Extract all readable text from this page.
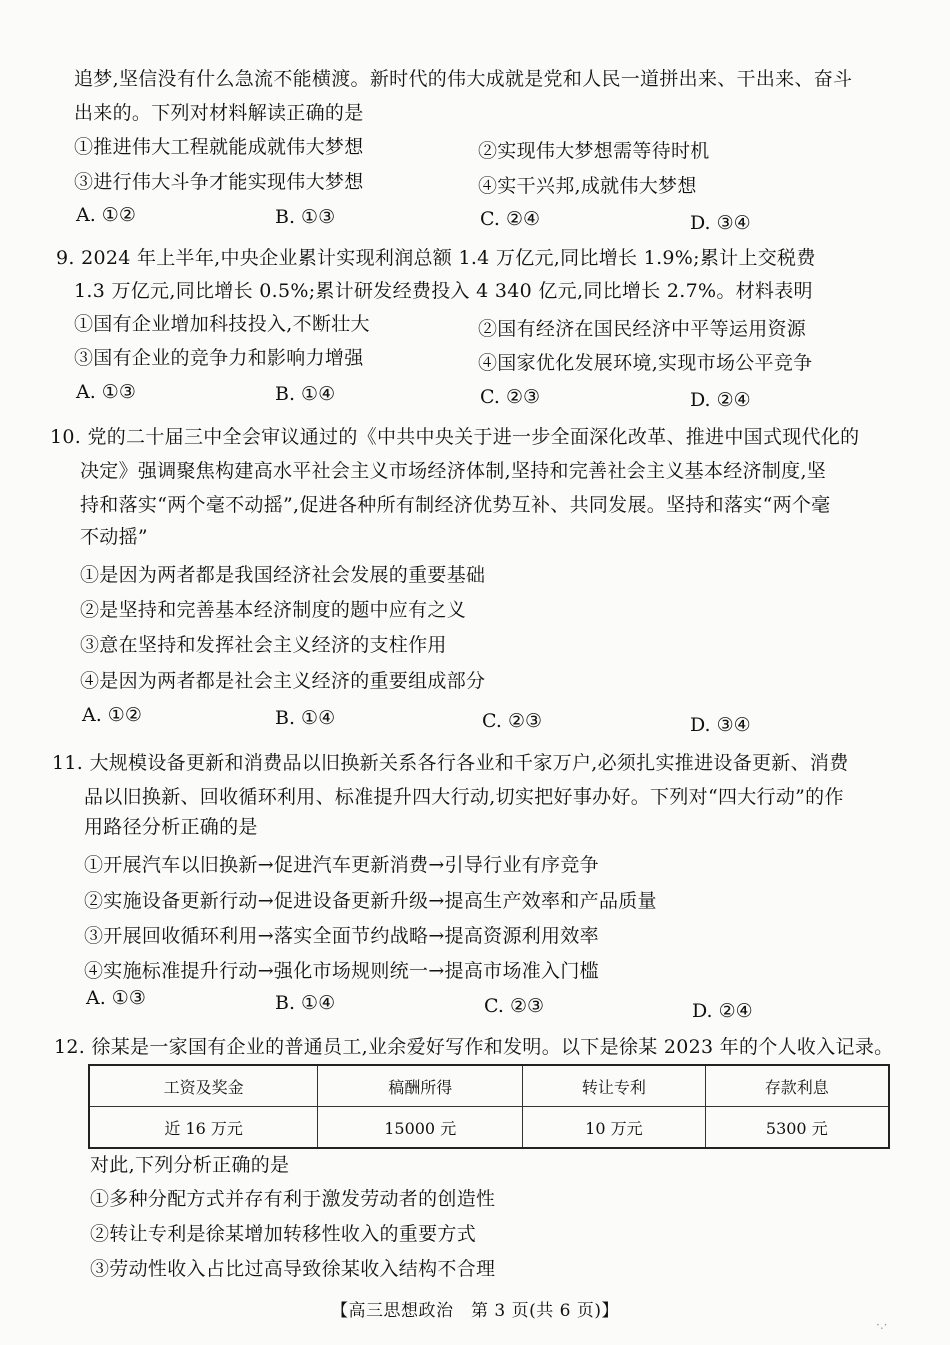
追梦,坚信没有什么急流不能横渡。新时代的伟大成就是党和人民一道拼出来、干出来、奋斗
出来的。下列对材料解读正确的是
①推进伟大工程就能成就伟大梦想	②实现伟大梦想需等待时机
③进行伟大斗争才能实现伟大梦想	④实干兴邦,成就伟大梦想
A. ①②	B. ①③	C. ②④	D. ③④
9. 2024 年上半年,中央企业累计实现利润总额 1.4 万亿元,同比增长 1.9%;累计上交税费
1.3 万亿元,同比增长 0.5%;累计研发经费投入 4 340 亿元,同比增长 2.7%。材料表明
①国有企业增加科技投入,不断壮大	②国有经济在国民经济中平等运用资源
③国有企业的竞争力和影响力增强	④国家优化发展环境,实现市场公平竞争
A. ①③	B. ①④	C. ②③	D. ②④
10. 党的二十届三中全会审议通过的《中共中央关于进一步全面深化改革、推进中国式现代化的
决定》强调聚焦构建高水平社会主义市场经济体制,坚持和完善社会主义基本经济制度,坚
持和落实“两个毫不动摇”,促进各种所有制经济优势互补、共同发展。坚持和落实“两个毫
不动摇”
①是因为两者都是我国经济社会发展的重要基础
②是坚持和完善基本经济制度的题中应有之义
③意在坚持和发挥社会主义经济的支柱作用
④是因为两者都是社会主义经济的重要组成部分
A. ①②	B. ①④	C. ②③	D. ③④
11. 大规模设备更新和消费品以旧换新关系各行各业和千家万户,必须扎实推进设备更新、消费
品以旧换新、回收循环利用、标准提升四大行动,切实把好事办好。下列对“四大行动”的作
用路径分析正确的是
①开展汽车以旧换新→促进汽车更新消费→引导行业有序竞争
②实施设备更新行动→促进设备更新升级→提高生产效率和产品质量
③开展回收循环利用→落实全面节约战略→提高资源利用效率
④实施标准提升行动→强化市场规则统一→提高市场准入门槛
A. ①③	B. ①④	C. ②③	D. ②④
12. 徐某是一家国有企业的普通员工,业余爱好写作和发明。以下是徐某 2023 年的个人收入记录。
工资及奖金	稿酬所得	转让专利	存款利息
近 16 万元	15000 元	10 万元	5300 元
对此,下列分析正确的是
①多种分配方式并存有利于激发劳动者的创造性
②转让专利是徐某增加转移性收入的重要方式
③劳动性收入占比过高导致徐某收入结构不合理
【高三思想政治　第 3 页(共 6 页)】
·.·
